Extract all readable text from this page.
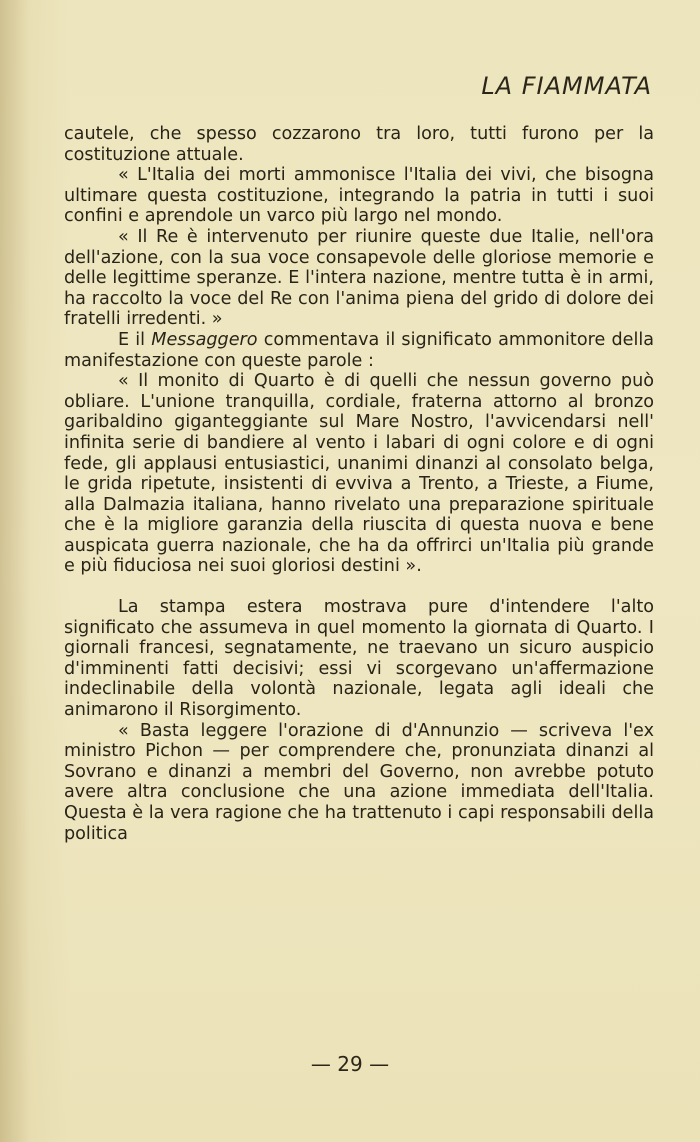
LA FIAMMATA

cautele, che spesso cozzarono tra loro, tutti furono per la costituzione attuale.

« L'Italia dei morti ammonisce l'Italia dei vivi, che bisogna ultimare questa costituzione, integrando la patria in tutti i suoi confini e aprendole un varco più largo nel mondo.

« Il Re è intervenuto per riunire queste due Italie, nell'ora dell'azione, con la sua voce consapevole delle gloriose memorie e delle legittime speranze. E l'intera nazione, mentre tutta è in armi, ha raccolto la voce del Re con l'anima piena del grido di dolore dei fratelli irredenti. »

E il Messaggero commentava il significato ammonitore della manifestazione con queste parole :

« Il monito di Quarto è di quelli che nessun governo può obliare. L'unione tranquilla, cordiale, fraterna attorno al bronzo garibaldino giganteggiante sul Mare Nostro, l'avvicendarsi nell' infinita serie di bandiere al vento i labari di ogni colore e di ogni fede, gli applausi entusiastici, unanimi dinanzi al consolato belga, le grida ripetute, insistenti di evviva a Trento, a Trieste, a Fiume, alla Dalmazia italiana, hanno rivelato una preparazione spirituale che è la migliore garanzia della riuscita di questa nuova e bene auspicata guerra nazionale, che ha da offrirci un'Italia più grande e più fiduciosa nei suoi gloriosi destini ».

La stampa estera mostrava pure d'intendere l'alto significato che assumeva in quel momento la giornata di Quarto. I giornali francesi, segnatamente, ne traevano un sicuro auspicio d'imminenti fatti decisivi; essi vi scorgevano un'affermazione indeclinabile della volontà nazionale, legata agli ideali che animarono il Risorgimento.

« Basta leggere l'orazione di d'Annunzio — scriveva l'ex ministro Pichon — per comprendere che, pronunziata dinanzi al Sovrano e dinanzi a membri del Governo, non avrebbe potuto avere altra conclusione che una azione immediata dell'Italia. Questa è la vera ragione che ha trattenuto i capi responsabili della politica

— 29 —
